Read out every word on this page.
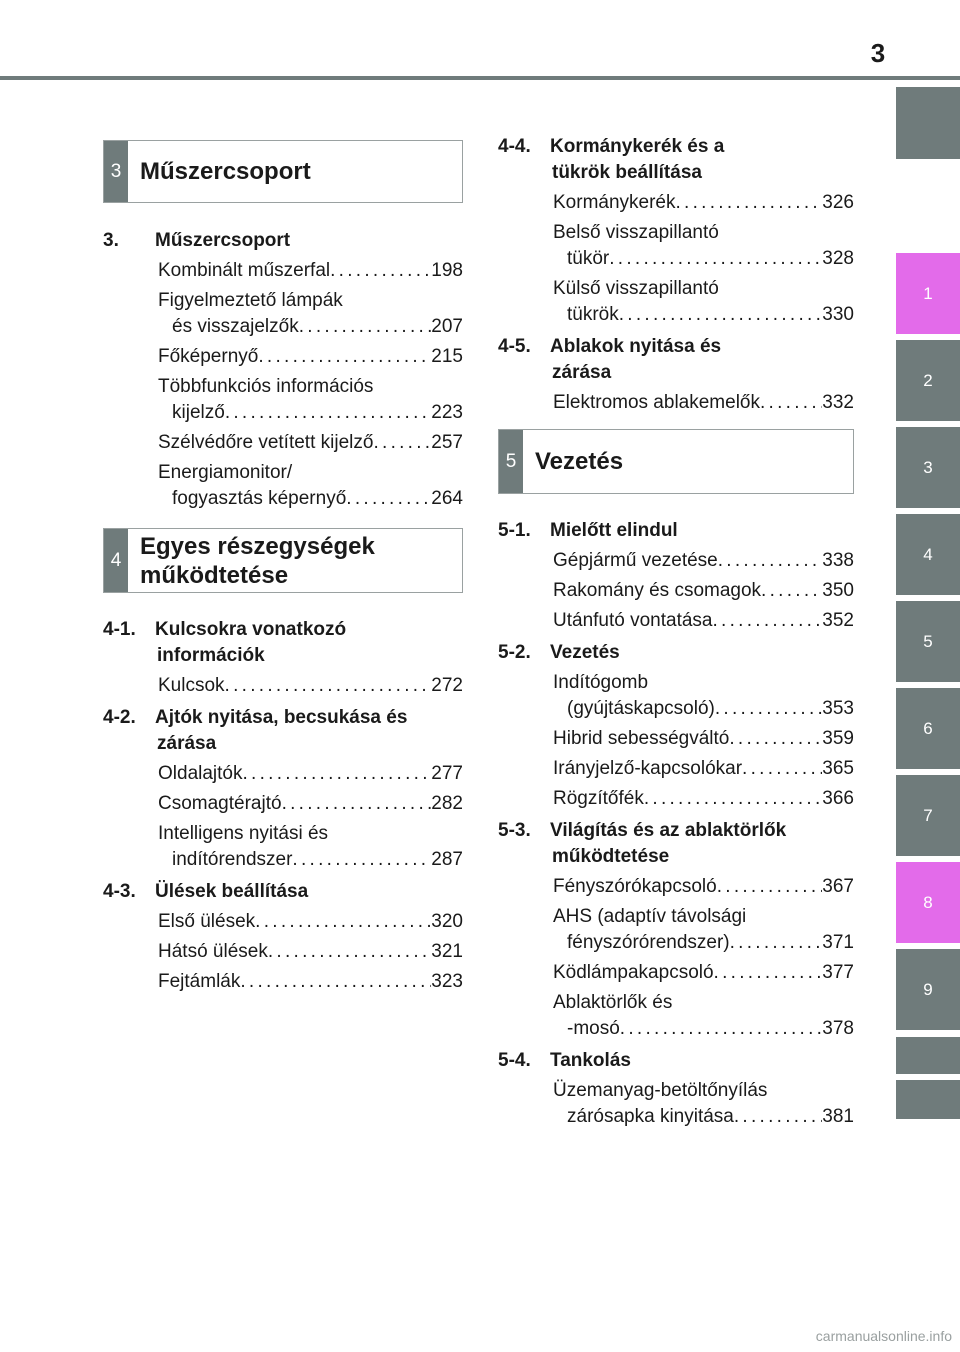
3
3 Műszercsoport
3.	Műszercsoport
Kombinált műszerfal . . .	198
Figyelmeztető lámpák
és visszajelzők . . .	207
Főképernyő . . .	215
Többfunkciós információs
kijelző . . .	223
Szélvédőre vetített kijelző . . .	257
Energiamonitor/
fogyasztás képernyő . . .	264
4
Egyes részegységek
működtetése
4-1.	Kulcsokra vonatkozó
információk
Kulcsok . . .	272
4-2.	Ajtók nyitása, becsukása és
zárása
Oldalajtók . . .	277
Csomagtérajtó . . .	282
Intelligens nyitási és
indítórendszer . . .	287
4-3.	Ülések beállítása
Első ülések . . .	320
Hátsó ülések . . .	321
Fejtámlák . . .	323
4-4.	Kormánykerék és a
tükrök beállítása
Kormánykerék . . .	326
Belső visszapillantó
tükör . . .	328
Külső visszapillantó
tükrök . . .	330
4-5.	Ablakok nyitása és
zárása
Elektromos ablakemelők . . .	332
5 Vezetés
5-1.	Mielőtt elindul
Gépjármű vezetése . . .	338
Rakomány és csomagok . . .	350
Utánfutó vontatása . . .	352
5-2.	Vezetés
Indítógomb
(gyújtáskapcsoló) . . .	353
Hibrid sebességváltó . . .	359
Irányjelző-kapcsolókar . . .	365
Rögzítőfék . . .	366
5-3.	Világítás és az ablaktörlők
működtetése
Fényszórókapcsoló . . .	367
AHS (adaptív távolsági
fényszórórendszer) . . .	371
Ködlámpakapcsoló . . .	377
Ablaktörlők és
-mosó . . .	378
5-4.	Tankolás
Üzemanyag-betöltőnyílás
zárósapka kinyitása . . .	381
1
2
3
4
5
6
7
8
9
carmanualsonline.info
